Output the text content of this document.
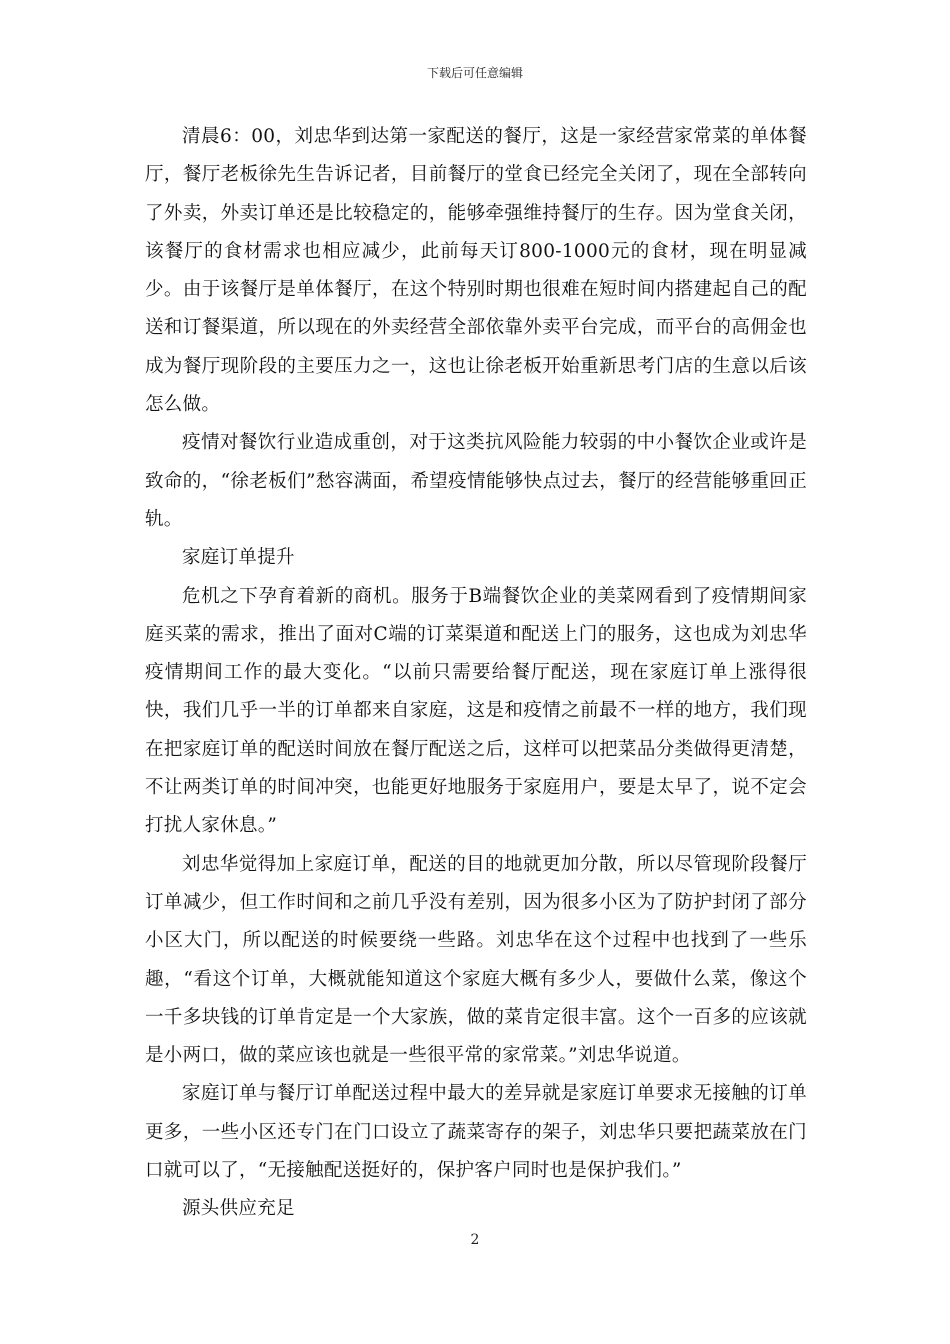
下载后可任意编辑

清晨6：00，刘忠华到达第一家配送的餐厅，这是一家经营家常菜的单体餐厅，餐厅老板徐先生告诉记者，目前餐厅的堂食已经完全关闭了，现在全部转向了外卖，外卖订单还是比较稳定的，能够牵强维持餐厅的生存。因为堂食关闭，该餐厅的食材需求也相应减少，此前每天订800-1000元的食材，现在明显减少。由于该餐厅是单体餐厅，在这个特别时期也很难在短时间内搭建起自己的配送和订餐渠道，所以现在的外卖经营全部依靠外卖平台完成，而平台的高佣金也成为餐厅现阶段的主要压力之一，这也让徐老板开始重新思考门店的生意以后该怎么做。

疫情对餐饮行业造成重创，对于这类抗风险能力较弱的中小餐饮企业或许是致命的，“徐老板们”愁容满面，希望疫情能够快点过去，餐厅的经营能够重回正轨。

家庭订单提升

危机之下孕育着新的商机。服务于B端餐饮企业的美菜网看到了疫情期间家庭买菜的需求，推出了面对C端的订菜渠道和配送上门的服务，这也成为刘忠华疫情期间工作的最大变化。“以前只需要给餐厅配送，现在家庭订单上涨得很快，我们几乎一半的订单都来自家庭，这是和疫情之前最不一样的地方，我们现在把家庭订单的配送时间放在餐厅配送之后，这样可以把菜品分类做得更清楚，不让两类订单的时间冲突，也能更好地服务于家庭用户，要是太早了，说不定会打扰人家休息。”

刘忠华觉得加上家庭订单，配送的目的地就更加分散，所以尽管现阶段餐厅订单减少，但工作时间和之前几乎没有差别，因为很多小区为了防护封闭了部分小区大门，所以配送的时候要绕一些路。刘忠华在这个过程中也找到了一些乐趣，“看这个订单，大概就能知道这个家庭大概有多少人，要做什么菜，像这个一千多块钱的订单肯定是一个大家族，做的菜肯定很丰富。这个一百多的应该就是小两口，做的菜应该也就是一些很平常的家常菜。”刘忠华说道。

家庭订单与餐厅订单配送过程中最大的差异就是家庭订单要求无接触的订单更多，一些小区还专门在门口设立了蔬菜寄存的架子，刘忠华只要把蔬菜放在门口就可以了，“无接触配送挺好的，保护客户同时也是保护我们。”

源头供应充足

2
